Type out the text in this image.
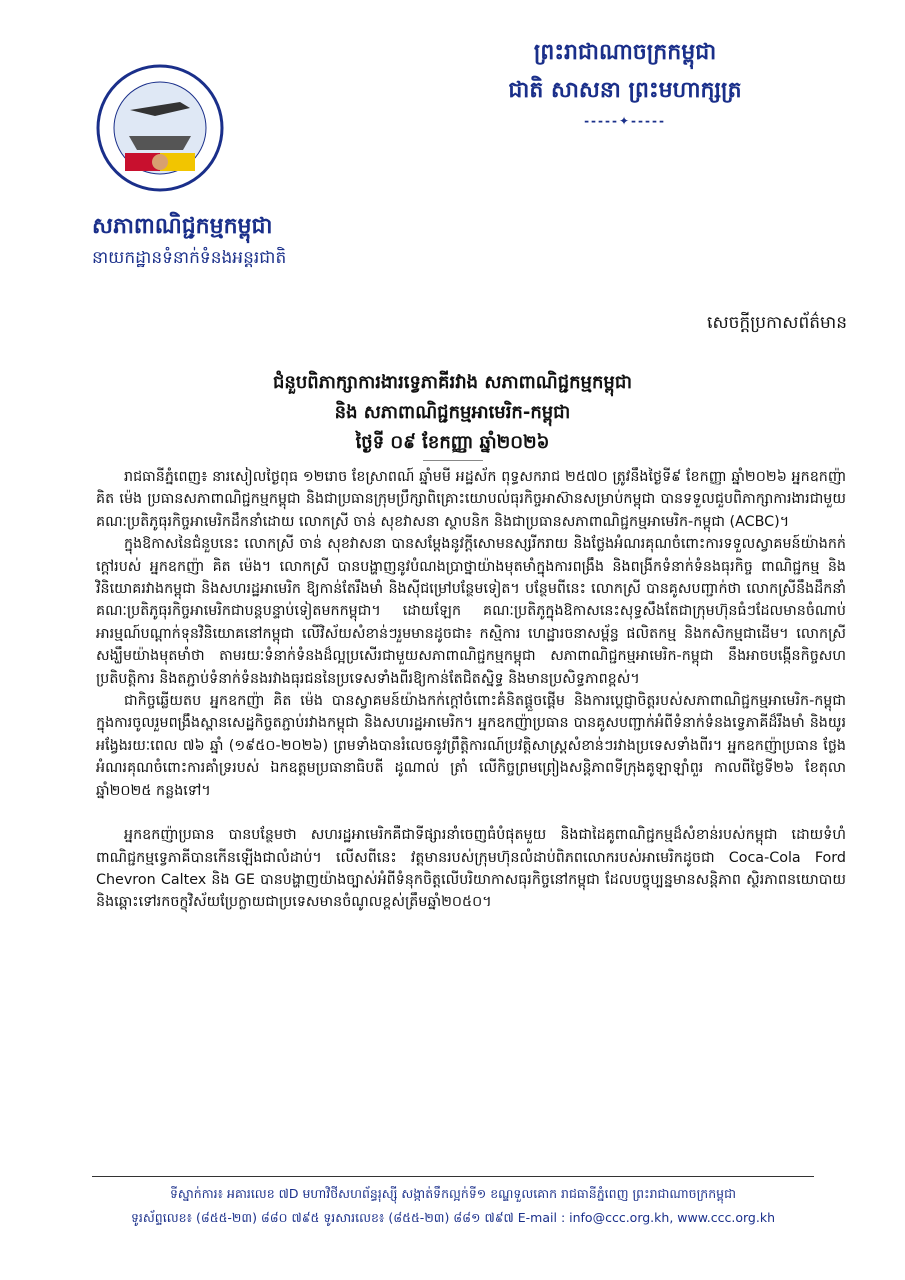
ព្រះរាជាណាចក្រកម្ពុជា
ជាតិ សាសនា ព្រះមហាក្សត្រ
-----✦-----
សភាពាណិជ្ជកម្មកម្ពុជា
នាយកដ្ឋានទំនាក់ទំនងអន្តរជាតិ
សេចក្តីប្រកាសព័ត៌មាន
ជំនួបពិភាក្សាការងារទ្វេភាគីរវាង សភាពាណិជ្ជកម្មកម្ពុជា
និង សភាពាណិជ្ជកម្មអាមេរិក-កម្ពុជា
ថ្ងៃទី ០៩ ខែកញ្ញា ឆ្នាំ២០២៦

រាជធានីភ្នំពេញ៖ នារសៀលថ្ងៃពុធ ១២រោច ខែស្រាពណ៍ ឆ្នាំមមី អដ្ឋស័ក ពុទ្ធសករាជ ២៥៧០ ត្រូវនឹងថ្ងៃទី៩ ខែកញ្ញា ឆ្នាំ២០២៦ អ្នកឧកញ៉ា គិត ម៉េង ប្រធានសភាពាណិជ្ជកម្មកម្ពុជា និងជាប្រធានក្រុមប្រឹក្សាពិគ្រោះយោបល់ធុរកិច្ចអាស៊ានសម្រាប់កម្ពុជា បានទទួលជួបពិភាក្សាការងារជាមួយ គណៈប្រតិភូធុរកិច្ចអាមេរិកដឹកនាំដោយ លោកស្រី ចាន់ សុខវាសនា ស្ថាបនិក និងជាប្រធានសភាពាណិជ្ជកម្មអាមេរិក-កម្ពុជា (ACBC)។

ក្នុងឱកាសនៃជំនួបនេះ លោកស្រី ចាន់ សុខវាសនា បានសម្តែងនូវក្តីសោមនស្សរីករាយ និងថ្លែងអំណរគុណចំពោះការទទួលស្វាគមន៍យ៉ាងកក់ក្តៅរបស់ អ្នកឧកញ៉ា គិត ម៉េង។ លោកស្រី បានបង្ហាញនូវបំណងប្រាថ្នាយ៉ាងមុតមាំក្នុងការពង្រឹង និងពង្រីកទំនាក់ទំនងធុរកិច្ច ពាណិជ្ជកម្ម និងវិនិយោគរវាងកម្ពុជា និងសហរដ្ឋអាមេរិក ឱ្យកាន់តែរឹងមាំ និងស៊ីជម្រៅបន្ថែមទៀត។ បន្ថែមពីនេះ លោកស្រី បានគូសបញ្ជាក់ថា លោកស្រីនឹងដឹកនាំគណៈប្រតិភូធុរកិច្ចអាមេរិកជាបន្តបន្ទាប់ទៀតមកកម្ពុជា។ ដោយឡែក គណៈប្រតិភូក្នុងឱកាសនេះសុទ្ធសឹងតែជាក្រុមហ៊ុនធំៗដែលមានចំណាប់អារម្មណ៍បណ្តាក់ទុនវិនិយោគនៅកម្ពុជា លើវិស័យសំខាន់ៗរួមមានដូចជា៖ កសិ្មការ ហេដ្ឋារចនាសម្ព័ន្ធ ផលិតកម្ម និងកសិកម្មជាដើម។ លោកស្រីសង្ឃឹមយ៉ាងមុតមាំថា តាមរយៈទំនាក់ទំនងដ៏ល្អប្រសើរជាមួយសភាពាណិជ្ជកម្មកម្ពុជា សភាពាណិជ្ជកម្មអាមេរិក-កម្ពុជា នឹងអាចបង្កើនកិច្ចសហប្រតិបត្តិការ និងតភ្ជាប់ទំនាក់ទំនងរវាងធុរជននៃប្រទេសទាំងពីរឱ្យកាន់តែជិតស្និទ្ធ និងមានប្រសិទ្ធភាពខ្ពស់។

ជាកិច្ចឆ្លើយតប អ្នកឧកញ៉ា គិត ម៉េង បានស្វាគមន៍យ៉ាងកក់ក្តៅចំពោះគំនិតផ្តួចផ្តើម និងការប្តេជ្ញាចិត្តរបស់សភាពាណិជ្ជកម្មអាមេរិក-កម្ពុជា ក្នុងការចូលរួមពង្រឹងស្ពានសេដ្ឋកិច្ចតភ្ជាប់រវាងកម្ពុជា និងសហរដ្ឋអាមេរិក។ អ្នកឧកញ៉ាប្រធាន បានគូសបញ្ជាក់អំពីទំនាក់ទំនងទ្វេភាគីដ៏រឹងមាំ និងយូរអង្វែងរយៈពេល ៧៦ ឆ្នាំ (១៩៥០-២០២៦) ព្រមទាំងបានរំលេចនូវព្រឹត្តិការណ៍ប្រវត្តិសាស្ត្រសំខាន់ៗរវាងប្រទេសទាំងពីរ។ អ្នកឧកញ៉ាប្រធាន ថ្លែងអំណរគុណចំពោះការគាំទ្ររបស់ ឯកឧត្តមប្រធានាធិបតី ដូណាល់ ត្រាំ លើកិច្ចព្រមព្រៀងសន្តិភាពទីក្រុងគូឡាឡាំពួរ កាលពីថ្ងៃទី២៦ ខែតុលា ឆ្នាំ២០២៥ កន្លងទៅ។

អ្នកឧកញ៉ាប្រធាន បានបន្ថែមថា សហរដ្ឋអាមេរិកគឺជាទីផ្សារនាំចេញធំបំផុតមួយ និងជាដៃគូពាណិជ្ជកម្មដ៏សំខាន់របស់កម្ពុជា ដោយទំហំពាណិជ្ជកម្មទ្វេភាគីបានកើនឡើងជាលំដាប់។ លើសពីនេះ វត្តមានរបស់ក្រុមហ៊ុនលំដាប់ពិភពលោករបស់អាមេរិកដូចជា Coca-Cola Ford Chevron Caltex និង GE បានបង្ហាញយ៉ាងច្បាស់អំពីទំនុកចិត្តលើបរិយាកាសធុរកិច្ចនៅកម្ពុជា ដែលបច្ចុប្បន្នមានសន្តិភាព ស្ថិរភាពនយោបាយ និងឆ្ពោះទៅរកចក្ខុវិស័យប្រែក្លាយជាប្រទេសមានចំណូលខ្ពស់ត្រឹមឆ្នាំ២០៥០។

ទីស្នាក់ការ៖ អគារលេខ ៧D មហាវិថីសហព័ន្ធរុស្ស៊ី សង្កាត់ទឹកល្អក់ទី១ ខណ្ឌទួលគោក រាជធានីភ្នំពេញ ព្រះរាជាណាចក្រកម្ពុជា
ទូរស័ព្ទលេខ៖ (៨៥៥-២៣) ៨៨០ ៧៩៥ ទូរសារលេខ៖ (៨៥៥-២៣) ៨៨១ ៧៩៧ E-mail : info@ccc.org.kh, www.ccc.org.kh
